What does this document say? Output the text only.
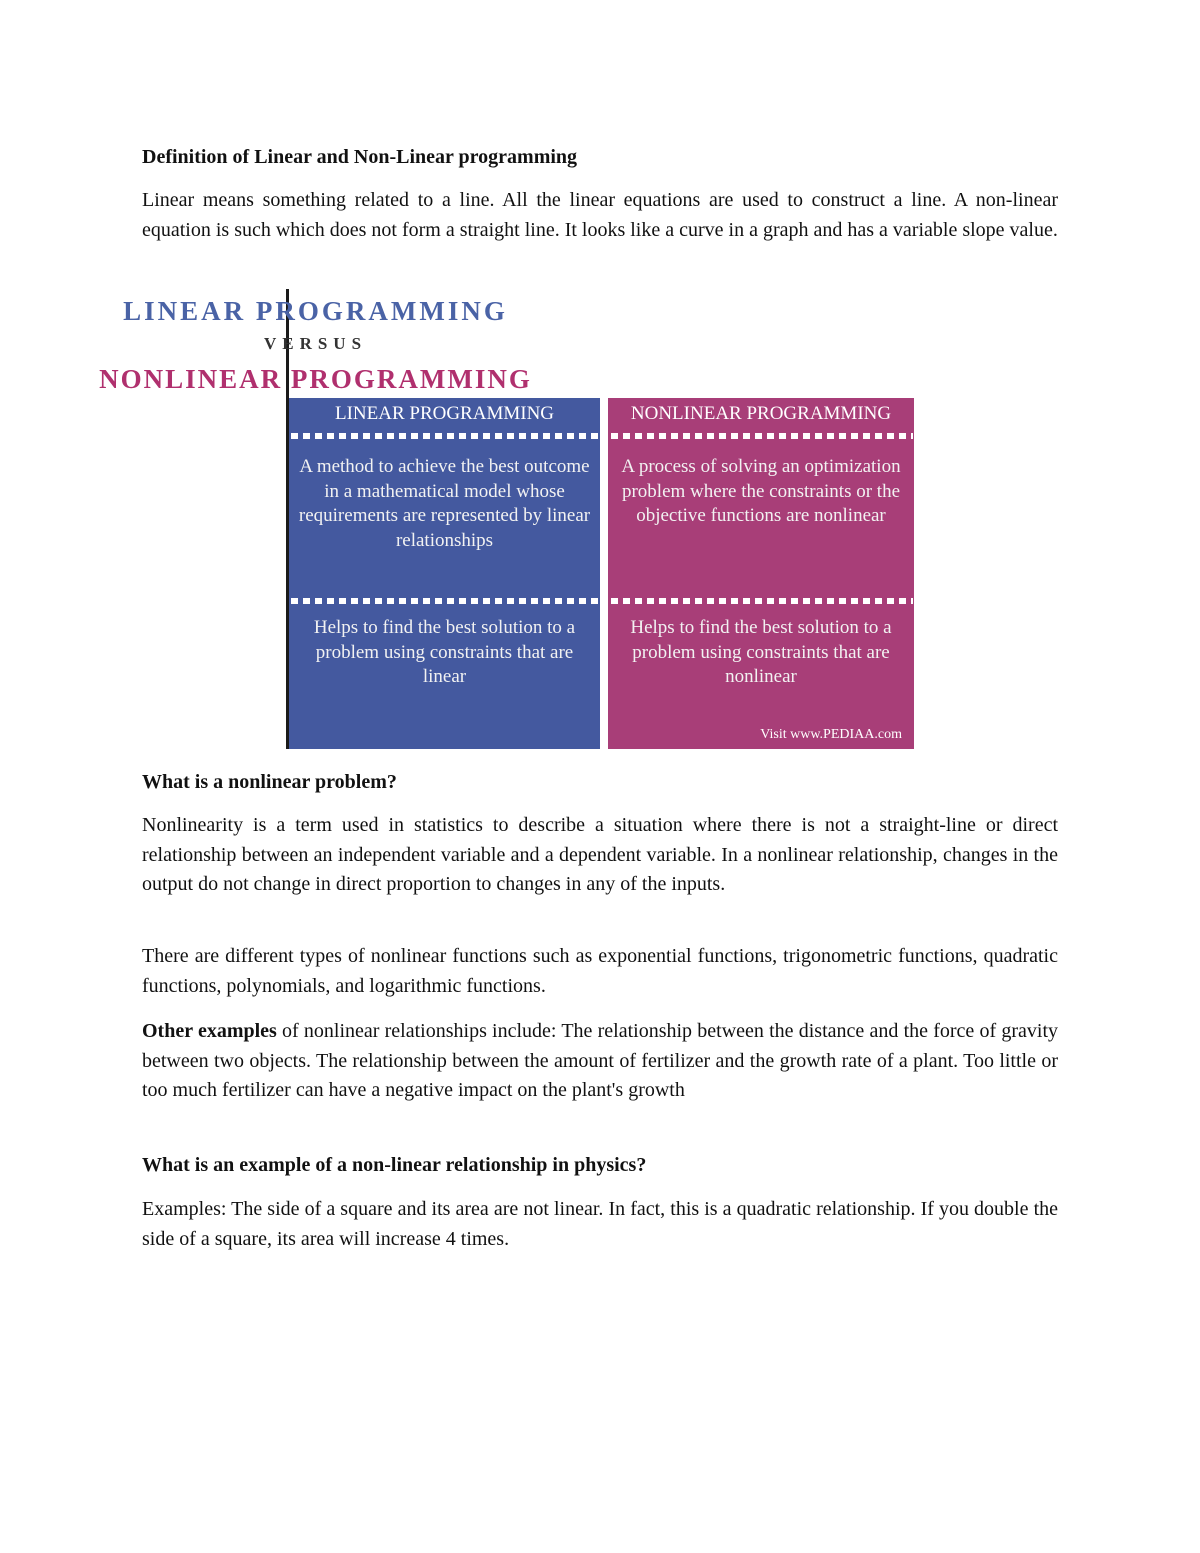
Definition of Linear and Non-Linear programming
Linear means something related to a line. All the linear equations are used to construct a line. A non-linear equation is such which does not form a straight line. It looks like a curve in a graph and has a variable slope value.
LINEAR PROGRAMMING
VERSUS
NONLINEAR PROGRAMMING
LINEAR PROGRAMMING	NONLINEAR PROGRAMMING
A method to achieve the best outcome in a mathematical model whose requirements are represented by linear relationships
A process of solving an optimization problem where the constraints or the objective functions are nonlinear
Helps to find the best solution to a problem using constraints that are linear
Helps to find the best solution to a problem using constraints that are nonlinear
Visit www.PEDIAA.com
What is a nonlinear problem?
Nonlinearity is a term used in statistics to describe a situation where there is not a straight-line or direct relationship between an independent variable and a dependent variable. In a nonlinear relationship, changes in the output do not change in direct proportion to changes in any of the inputs.
There are different types of nonlinear functions such as exponential functions, trigonometric functions, quadratic functions, polynomials, and logarithmic functions.
Other examples of nonlinear relationships include: The relationship between the distance and the force of gravity between two objects. The relationship between the amount of fertilizer and the growth rate of a plant. Too little or too much fertilizer can have a negative impact on the plant's growth
What is an example of a non-linear relationship in physics?
Examples: The side of a square and its area are not linear. In fact, this is a quadratic relationship. If you double the side of a square, its area will increase 4 times.
